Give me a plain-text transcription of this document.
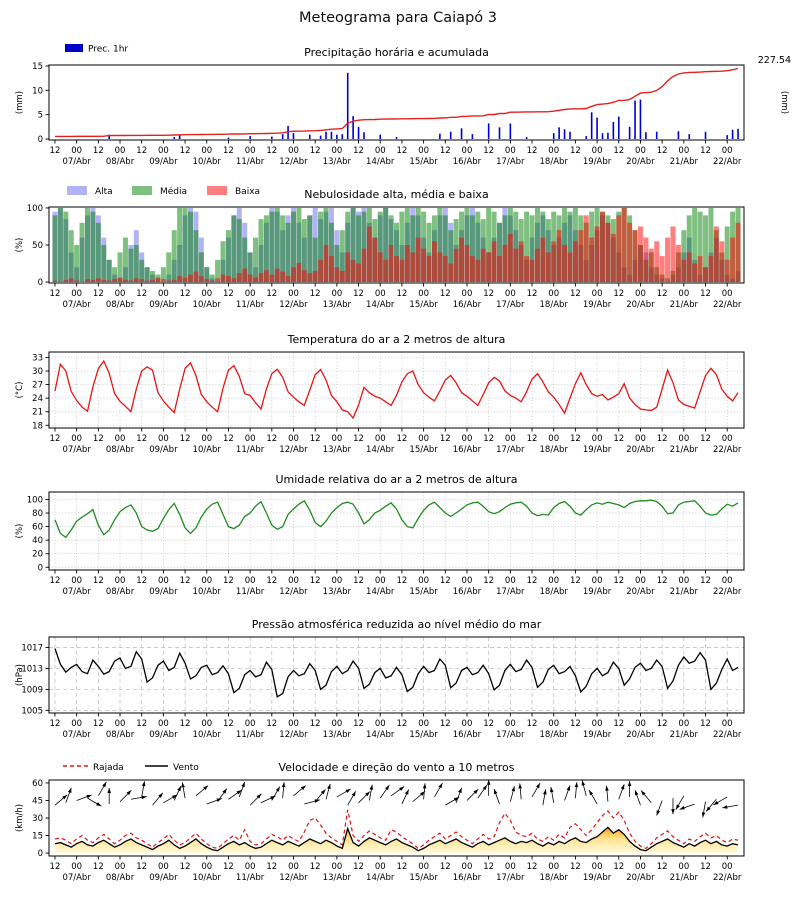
Meteograma para Caiapó 3
12 00 12 00 12 00 12 00 12 00 12 00 12 00 12 00 12 00 12 00 12 00 12 00 12 00 12 00 12 00 12 00
07/Abr 08/Abr 09/Abr 10/Abr 11/Abr 12/Abr 13/Abr 14/Abr 15/Abr 16/Abr 17/Abr 18/Abr 19/Abr 20/Abr 21/Abr 22/Abr
0
5
10
15
(mm)
Precipitação horária e acumulada
Prec. 1hr
227.54
(mm)
12 00 12 00 12 00 12 00 12 00 12 00 12 00 12 00 12 00 12 00 12 00 12 00 12 00 12 00 12 00 12 00
07/Abr 08/Abr 09/Abr 10/Abr 11/Abr 12/Abr 13/Abr 14/Abr 15/Abr 16/Abr 17/Abr 18/Abr 19/Abr 20/Abr 21/Abr 22/Abr
0
50
100
(%)
Nebulosidade alta, média e baixa
Alta	Média	Baixa
12 00 12 00 12 00 12 00 12 00 12 00 12 00 12 00 12 00 12 00 12 00 12 00 12 00 12 00 12 00 12 00
07/Abr 08/Abr 09/Abr 10/Abr 11/Abr 12/Abr 13/Abr 14/Abr 15/Abr 16/Abr 17/Abr 18/Abr 19/Abr 20/Abr 21/Abr 22/Abr
18
21
24
27
30
33
(°C)
Temperatura do ar a 2 metros de altura
12 00 12 00 12 00 12 00 12 00 12 00 12 00 12 00 12 00 12 00 12 00 12 00 12 00 12 00 12 00 12 00
07/Abr 08/Abr 09/Abr 10/Abr 11/Abr 12/Abr 13/Abr 14/Abr 15/Abr 16/Abr 17/Abr 18/Abr 19/Abr 20/Abr 21/Abr 22/Abr
0
20
40
60
80
100
(%)
Umidade relativa do ar a 2 metros de altura
12 00 12 00 12 00 12 00 12 00 12 00 12 00 12 00 12 00 12 00 12 00 12 00 12 00 12 00 12 00 12 00
07/Abr 08/Abr 09/Abr 10/Abr 11/Abr 12/Abr 13/Abr 14/Abr 15/Abr 16/Abr 17/Abr 18/Abr 19/Abr 20/Abr 21/Abr 22/Abr
1005
1009
1013
1017
(hPa)
Pressão atmosférica reduzida ao nível médio do mar
12 00 12 00 12 00 12 00 12 00 12 00 12 00 12 00 12 00 12 00 12 00 12 00 12 00 12 00 12 00 12 00
07/Abr 08/Abr 09/Abr 10/Abr 11/Abr 12/Abr 13/Abr 14/Abr 15/Abr 16/Abr 17/Abr 18/Abr 19/Abr 20/Abr 21/Abr 22/Abr
0
15
30
45
60
(km/h)
Velocidade e direção do vento a 10 metros
Rajada	Vento
